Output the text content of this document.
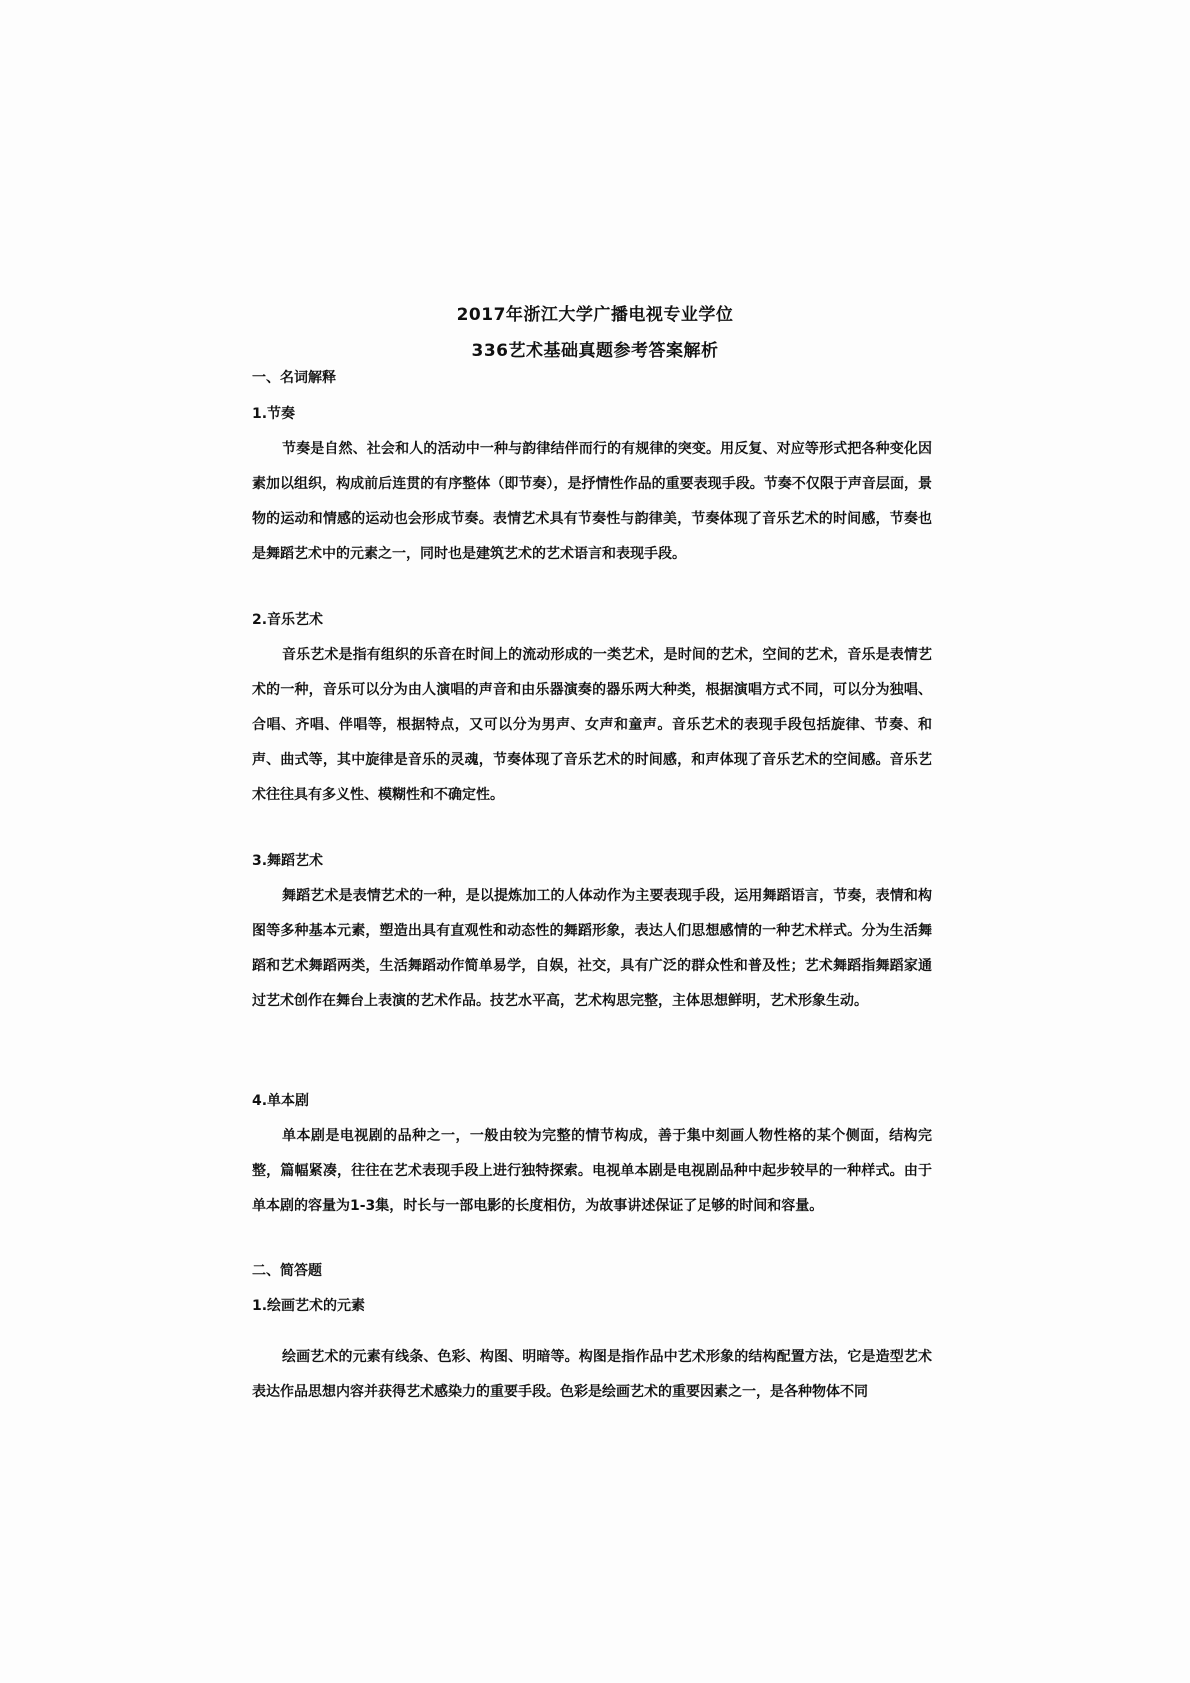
2017年浙江大学广播电视专业学位
336艺术基础真题参考答案解析
一、名词解释
1.节奏
节奏是自然、社会和人的活动中一种与韵律结伴而行的有规律的突变。用反复、对应等形式把各种变化因素加以组织，构成前后连贯的有序整体（即节奏），是抒情性作品的重要表现手段。节奏不仅限于声音层面，景物的运动和情感的运动也会形成节奏。表情艺术具有节奏性与韵律美，节奏体现了音乐艺术的时间感，节奏也是舞蹈艺术中的元素之一，同时也是建筑艺术的艺术语言和表现手段。
2.音乐艺术
音乐艺术是指有组织的乐音在时间上的流动形成的一类艺术，是时间的艺术，空间的艺术，音乐是表情艺术的一种，音乐可以分为由人演唱的声音和由乐器演奏的器乐两大种类，根据演唱方式不同，可以分为独唱、合唱、齐唱、伴唱等，根据特点，又可以分为男声、女声和童声。音乐艺术的表现手段包括旋律、节奏、和声、曲式等，其中旋律是音乐的灵魂，节奏体现了音乐艺术的时间感，和声体现了音乐艺术的空间感。音乐艺术往往具有多义性、模糊性和不确定性。
3.舞蹈艺术
舞蹈艺术是表情艺术的一种，是以提炼加工的人体动作为主要表现手段，运用舞蹈语言，节奏，表情和构图等多种基本元素，塑造出具有直观性和动态性的舞蹈形象，表达人们思想感情的一种艺术样式。分为生活舞蹈和艺术舞蹈两类，生活舞蹈动作简单易学，自娱，社交，具有广泛的群众性和普及性；艺术舞蹈指舞蹈家通过艺术创作在舞台上表演的艺术作品。技艺水平高，艺术构思完整，主体思想鲜明，艺术形象生动。
4.单本剧
单本剧是电视剧的品种之一，一般由较为完整的情节构成，善于集中刻画人物性格的某个侧面，结构完整，篇幅紧凑，往往在艺术表现手段上进行独特探索。电视单本剧是电视剧品种中起步较早的一种样式。由于单本剧的容量为1-3集，时长与一部电影的长度相仿，为故事讲述保证了足够的时间和容量。
二、简答题
1.绘画艺术的元素
绘画艺术的元素有线条、色彩、构图、明暗等。构图是指作品中艺术形象的结构配置方法，它是造型艺术表达作品思想内容并获得艺术感染力的重要手段。色彩是绘画艺术的重要因素之一，是各种物体不同
